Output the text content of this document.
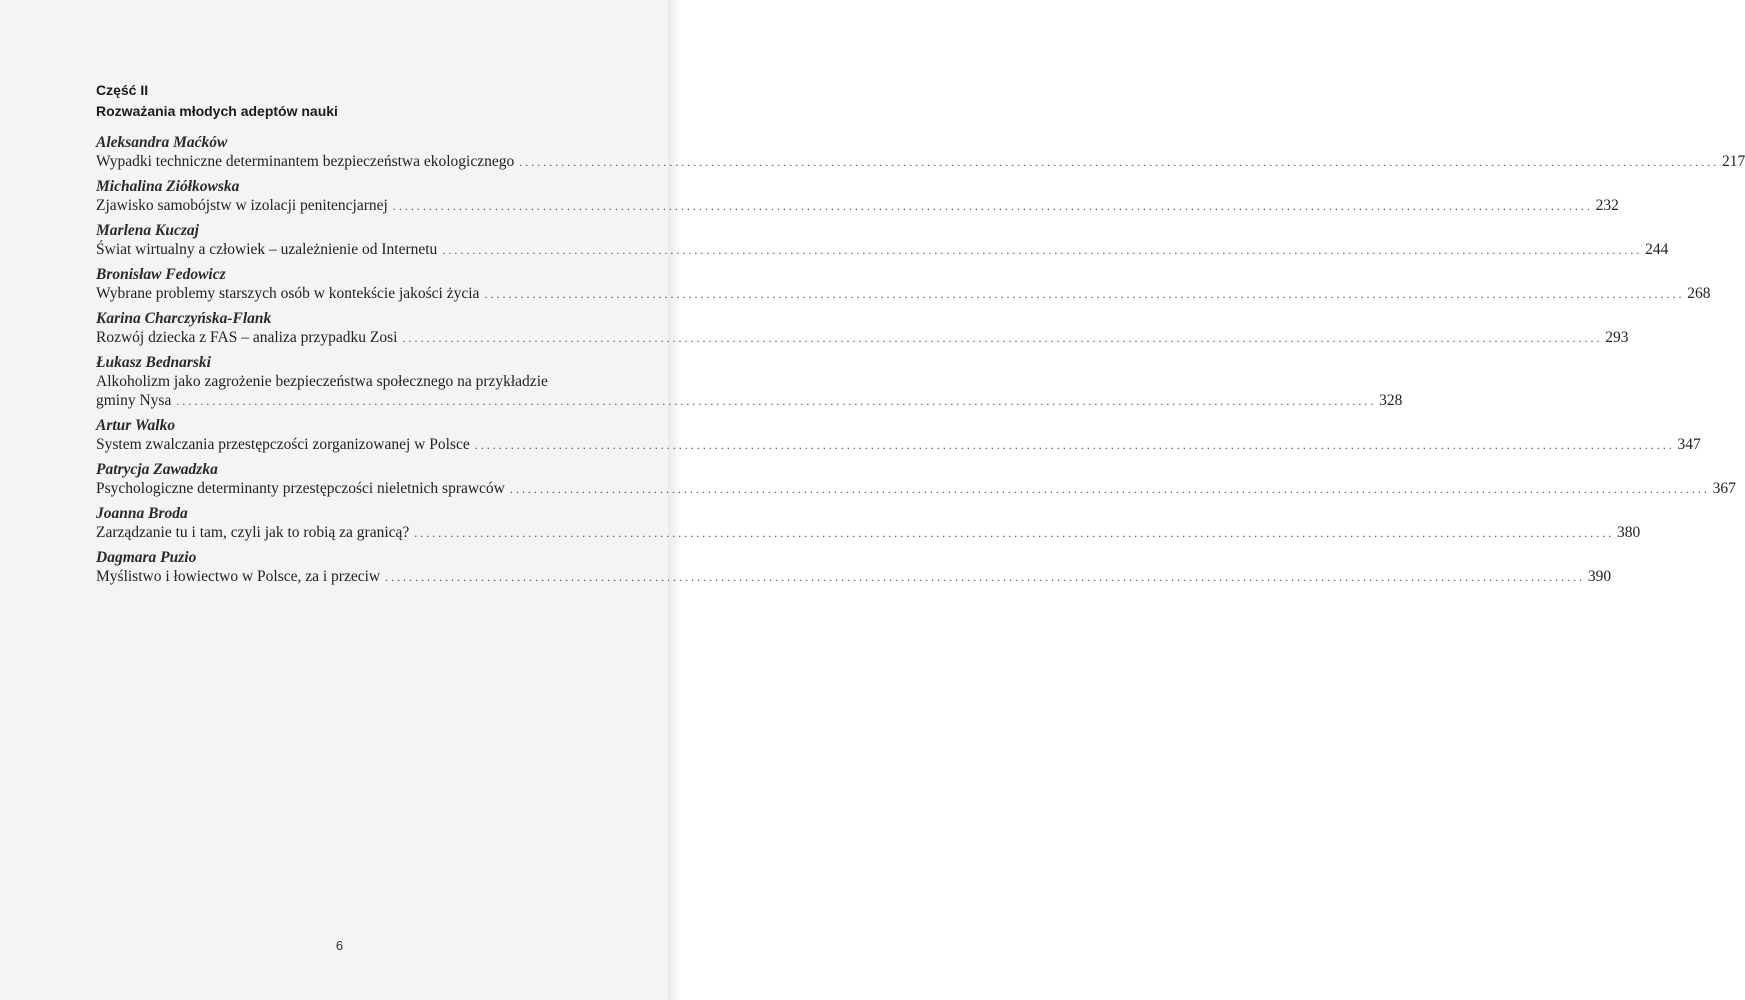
Część II
Rozważania młodych adeptów nauki
Aleksandra Maćków
Wypadki techniczne determinantem bezpieczeństwa ekologicznego . . . . . . . . . . . . . . . . . . . . . . . . . . . . . . . . . . . . . . . . . . . . . . . . . . . . . . . . . . . . . . . . . . . . . . . . . . . . . . . . . . . . . . . . . . . . . . . . . . . . . . . . . . . . . . . . . . . . . . . . . . . . . . . . . . . . . . . . . . . . . . . . . . . . . . . . . . . . . . . . . . . . . . . . . . . . . . . . . . . . . . . . . . . . . . . . . . . . . . . . 217
Michalina Ziółkowska
Zjawisko samobójstw w izolacji penitencjarnej . . . . . . . . . . . . . . . . . . . . . . . . . . . . . . . . . . . . . . . . . . . . . . . . . . . . . . . . . . . . . . . . . . . . . . . . . . . . . . . . . . . . . . . . . . . . . . . . . . . . . . . . . . . . . . . . . . . . . . . . . . . . . . . . . . . . . . . . . . . . . . . . . . . . . . . . . . . . . . . . . . . . . . . . . . . . . . . . . . . . . . . . . . . . . . . . . . . . . . . . 232
Marlena Kuczaj
Świat wirtualny a człowiek – uzależnienie od Internetu . . . . . . . . . . . . . . . . . . . . . . . . . . . . . . . . . . . . . . . . . . . . . . . . . . . . . . . . . . . . . . . . . . . . . . . . . . . . . . . . . . . . . . . . . . . . . . . . . . . . . . . . . . . . . . . . . . . . . . . . . . . . . . . . . . . . . . . . . . . . . . . . . . . . . . . . . . . . . . . . . . . . . . . . . . . . . . . . . . . . . . . . . . . . . . . . . . . . . . . . 244
Bronisław Fedowicz
Wybrane problemy starszych osób w kontekście jakości życia . . . . . . . . . . . . . . . . . . . . . . . . . . . . . . . . . . . . . . . . . . . . . . . . . . . . . . . . . . . . . . . . . . . . . . . . . . . . . . . . . . . . . . . . . . . . . . . . . . . . . . . . . . . . . . . . . . . . . . . . . . . . . . . . . . . . . . . . . . . . . . . . . . . . . . . . . . . . . . . . . . . . . . . . . . . . . . . . . . . . . . . . . . . . . . . . . . . . . . . . 268
Karina Charczyńska-Flank
Rozwój dziecka z FAS – analiza przypadku Zosi . . . . . . . . . . . . . . . . . . . . . . . . . . . . . . . . . . . . . . . . . . . . . . . . . . . . . . . . . . . . . . . . . . . . . . . . . . . . . . . . . . . . . . . . . . . . . . . . . . . . . . . . . . . . . . . . . . . . . . . . . . . . . . . . . . . . . . . . . . . . . . . . . . . . . . . . . . . . . . . . . . . . . . . . . . . . . . . . . . . . . . . . . . . . . . . . . . . . . . . . 293
Łukasz Bednarski
Alkoholizm jako zagrożenie bezpieczeństwa społecznego na przykładzie
gminy Nysa . . . . . . . . . . . . . . . . . . . . . . . . . . . . . . . . . . . . . . . . . . . . . . . . . . . . . . . . . . . . . . . . . . . . . . . . . . . . . . . . . . . . . . . . . . . . . . . . . . . . . . . . . . . . . . . . . . . . . . . . . . . . . . . . . . . . . . . . . . . . . . . . . . . . . . . . . . . . . . . . . . . . . . . . . . . . . . . . . . . . . . . . . . . . . . . . . . . . . . . . 328
Artur Walko
System zwalczania przestępczości zorganizowanej w Polsce . . . . . . . . . . . . . . . . . . . . . . . . . . . . . . . . . . . . . . . . . . . . . . . . . . . . . . . . . . . . . . . . . . . . . . . . . . . . . . . . . . . . . . . . . . . . . . . . . . . . . . . . . . . . . . . . . . . . . . . . . . . . . . . . . . . . . . . . . . . . . . . . . . . . . . . . . . . . . . . . . . . . . . . . . . . . . . . . . . . . . . . . . . . . . . . . . . . . . . . . 347
Patrycja Zawadzka
Psychologiczne determinanty przestępczości nieletnich sprawców . . . . . . . . . . . . . . . . . . . . . . . . . . . . . . . . . . . . . . . . . . . . . . . . . . . . . . . . . . . . . . . . . . . . . . . . . . . . . . . . . . . . . . . . . . . . . . . . . . . . . . . . . . . . . . . . . . . . . . . . . . . . . . . . . . . . . . . . . . . . . . . . . . . . . . . . . . . . . . . . . . . . . . . . . . . . . . . . . . . . . . . . . . . . . . . . . . . . . . . . 367
Joanna Broda
Zarządzanie tu i tam, czyli jak to robią za granicą? . . . . . . . . . . . . . . . . . . . . . . . . . . . . . . . . . . . . . . . . . . . . . . . . . . . . . . . . . . . . . . . . . . . . . . . . . . . . . . . . . . . . . . . . . . . . . . . . . . . . . . . . . . . . . . . . . . . . . . . . . . . . . . . . . . . . . . . . . . . . . . . . . . . . . . . . . . . . . . . . . . . . . . . . . . . . . . . . . . . . . . . . . . . . . . . . . . . . . . . . 380
Dagmara Puzio
Myślistwo i łowiectwo w Polsce, za i przeciw . . . . . . . . . . . . . . . . . . . . . . . . . . . . . . . . . . . . . . . . . . . . . . . . . . . . . . . . . . . . . . . . . . . . . . . . . . . . . . . . . . . . . . . . . . . . . . . . . . . . . . . . . . . . . . . . . . . . . . . . . . . . . . . . . . . . . . . . . . . . . . . . . . . . . . . . . . . . . . . . . . . . . . . . . . . . . . . . . . . . . . . . . . . . . . . . . . . . . . . . 390
6
